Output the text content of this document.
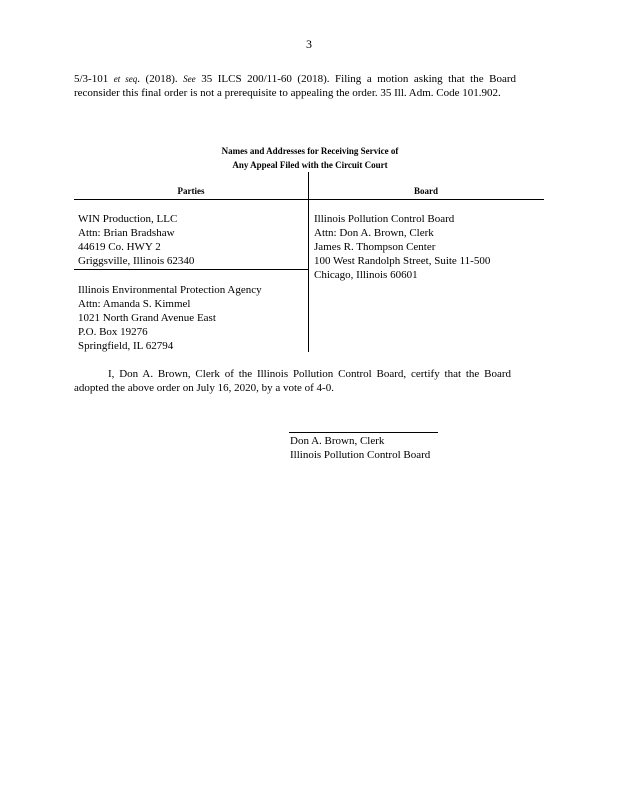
3
5/3-101 et seq. (2018). See 35 ILCS 200/11-60 (2018). Filing a motion asking that the Board reconsider this final order is not a prerequisite to appealing the order. 35 Ill. Adm. Code 101.902.
Names and Addresses for Receiving Service of
Any Appeal Filed with the Circuit Court
Parties	Board
WIN Production, LLC
Attn: Brian Bradshaw
44619 Co. HWY 2
Griggsville, Illinois 62340
Illinois Environmental Protection Agency
Attn: Amanda S. Kimmel
1021 North Grand Avenue East
P.O. Box 19276
Springfield, IL 62794
Illinois Pollution Control Board
Attn: Don A. Brown, Clerk
James R. Thompson Center
100 West Randolph Street, Suite 11-500
Chicago, Illinois 60601
I, Don A. Brown, Clerk of the Illinois Pollution Control Board, certify that the Board adopted the above order on July 16, 2020, by a vote of 4-0.
Don A. Brown, Clerk
Illinois Pollution Control Board
